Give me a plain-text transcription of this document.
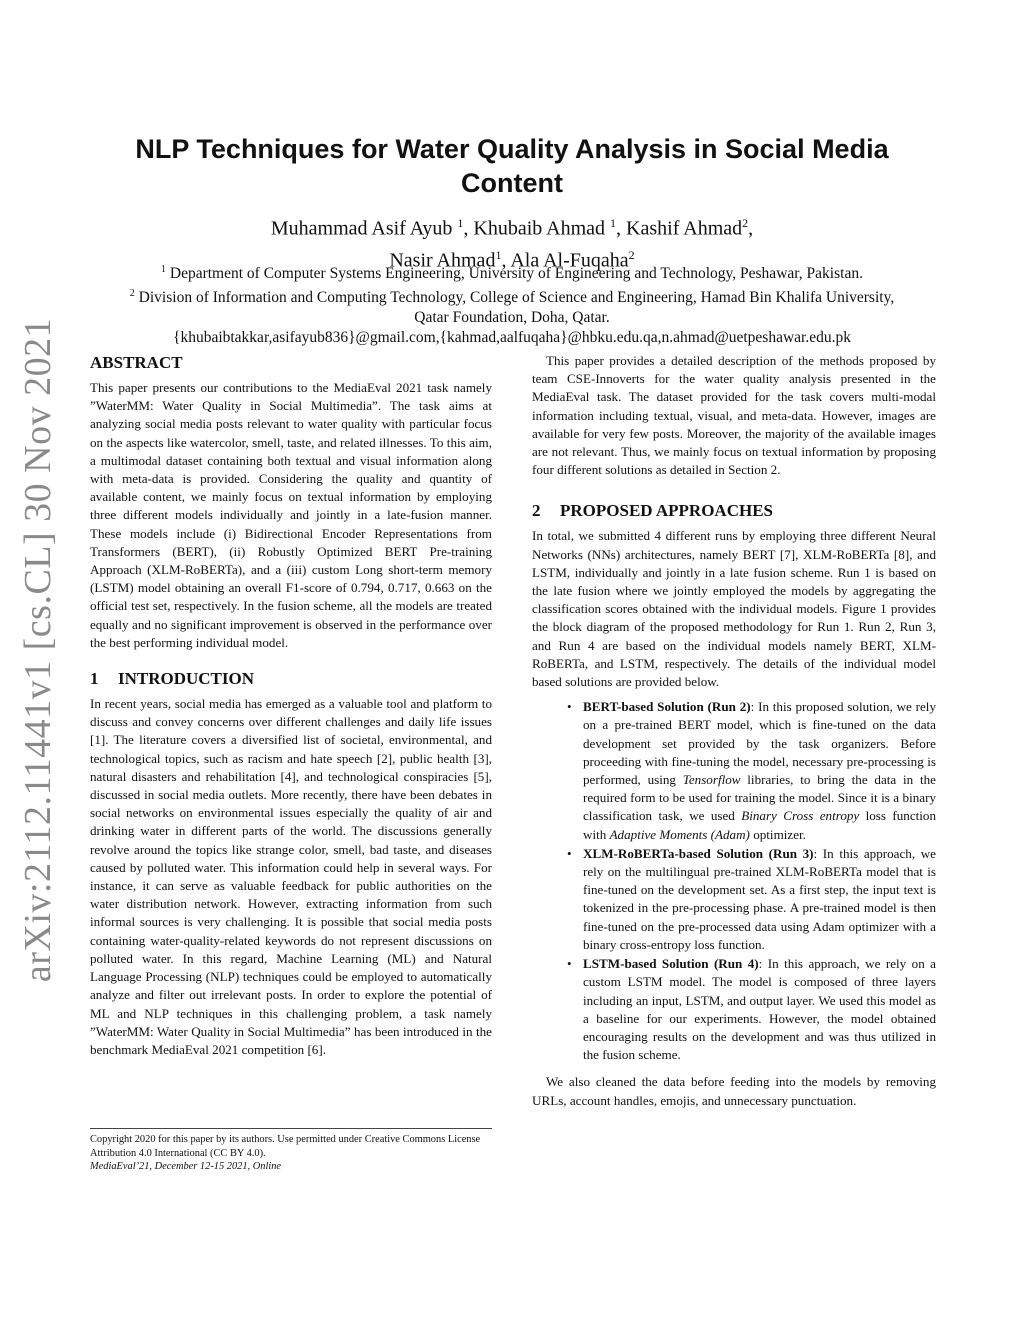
arXiv:2112.11441v1 [cs.CL] 30 Nov 2021
NLP Techniques for Water Quality Analysis in Social Media Content
Muhammad Asif Ayub $^1$, Khubaib Ahmad $^1$, Kashif Ahmad$^2$,
Nasir Ahmad$^1$, Ala Al-Fuqaha$^2$
$^1$ Department of Computer Systems Engineering, University of Engineering and Technology, Peshawar, Pakistan.
$^2$ Division of Information and Computing Technology, College of Science and Engineering, Hamad Bin Khalifa University, Qatar Foundation, Doha, Qatar.
{khubaibtakkar,asifayub836}@gmail.com,{kahmad,aalfuqaha}@hbku.edu.qa,n.ahmad@uetpeshawar.edu.pk
ABSTRACT

This paper presents our contributions to the MediaEval 2021 task namely ”WaterMM: Water Quality in Social Multimedia”. The task aims at analyzing social media posts relevant to water quality with particular focus on the aspects like watercolor, smell, taste, and related illnesses. To this aim, a multimodal dataset containing both textual and visual information along with meta-data is provided. Considering the quality and quantity of available content, we mainly focus on textual information by employing three different models individually and jointly in a late-fusion manner. These models include (i) Bidirectional Encoder Representations from Transformers (BERT), (ii) Robustly Optimized BERT Pre-training Approach (XLM-RoBERTa), and a (iii) custom Long short-term memory (LSTM) model obtaining an overall F1-score of 0.794, 0.717, 0.663 on the official test set, respectively. In the fusion scheme, all the models are treated equally and no significant improvement is observed in the performance over the best performing individual model.

1 INTRODUCTION

In recent years, social media has emerged as a valuable tool and platform to discuss and convey concerns over different challenges and daily life issues [1]. The literature covers a diversified list of societal, environmental, and technological topics, such as racism and hate speech [2], public health [3], natural disasters and rehabilitation [4], and technological conspiracies [5], discussed in social media outlets. More recently, there have been debates in social networks on environmental issues especially the quality of air and drinking water in different parts of the world. The discussions generally revolve around the topics like strange color, smell, bad taste, and diseases caused by polluted water. This information could help in several ways. For instance, it can serve as valuable feedback for public authorities on the water distribution network. However, extracting information from such informal sources is very challenging. It is possible that social media posts containing water-quality-related keywords do not represent discussions on polluted water. In this regard, Machine Learning (ML) and Natural Language Processing (NLP) techniques could be employed to automatically analyze and filter out irrelevant posts. In order to explore the potential of ML and NLP techniques in this challenging problem, a task namely ”WaterMM: Water Quality in Social Multimedia” has been introduced in the benchmark MediaEval 2021 competition [6].

Copyright 2020 for this paper by its authors. Use permitted under Creative Commons License Attribution 4.0 International (CC BY 4.0).
MediaEval’21, December 12-15 2021, Online

This paper provides a detailed description of the methods proposed by team CSE-Innoverts for the water quality analysis presented in the MediaEval task. The dataset provided for the task covers multi-modal information including textual, visual, and meta-data. However, images are available for very few posts. Moreover, the majority of the available images are not relevant. Thus, we mainly focus on textual information by proposing four different solutions as detailed in Section 2.

2 PROPOSED APPROACHES

In total, we submitted 4 different runs by employing three different Neural Networks (NNs) architectures, namely BERT [7], XLM-RoBERTa [8], and LSTM, individually and jointly in a late fusion scheme. Run 1 is based on the late fusion where we jointly employed the models by aggregating the classification scores obtained with the individual models. Figure 1 provides the block diagram of the proposed methodology for Run 1. Run 2, Run 3, and Run 4 are based on the individual models namely BERT, XLM-RoBERTa, and LSTM, respectively. The details of the individual model based solutions are provided below.

• BERT-based Solution (Run 2): In this proposed solution, we rely on a pre-trained BERT model, which is fine-tuned on the data development set provided by the task organizers. Before proceeding with fine-tuning the model, necessary pre-processing is performed, using Tensorflow libraries, to bring the data in the required form to be used for training the model. Since it is a binary classification task, we used Binary Cross entropy loss function with Adaptive Moments (Adam) optimizer.
• XLM-RoBERTa-based Solution (Run 3): In this approach, we rely on the multilingual pre-trained XLM-RoBERTa model that is fine-tuned on the development set. As a first step, the input text is tokenized in the pre-processing phase. A pre-trained model is then fine-tuned on the pre-processed data using Adam optimizer with a binary cross-entropy loss function.
• LSTM-based Solution (Run 4): In this approach, we rely on a custom LSTM model. The model is composed of three layers including an input, LSTM, and output layer. We used this model as a baseline for our experiments. However, the model obtained encouraging results on the development and was thus utilized in the fusion scheme.

We also cleaned the data before feeding into the models by removing URLs, account handles, emojis, and unnecessary punctuation.
